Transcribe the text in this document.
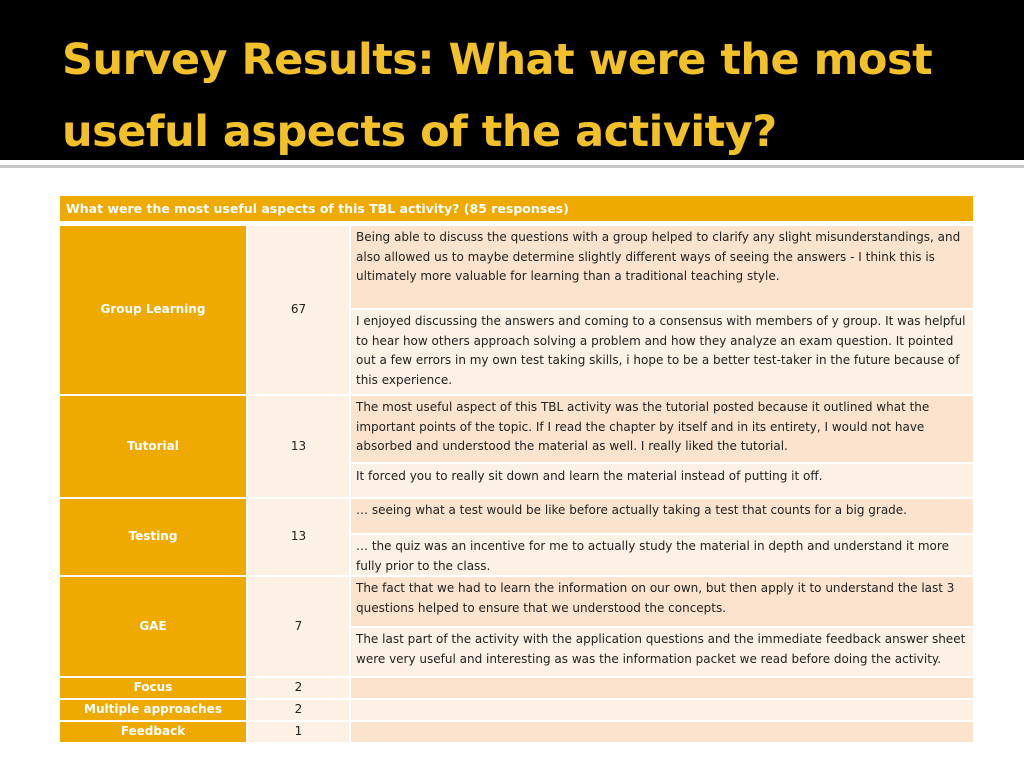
Survey Results: What were the most useful aspects of the activity?
What were the most useful aspects of this TBL activity? (85 responses)
Group Learning	67
Being able to discuss the questions with a group helped to clarify any slight misunderstandings, and also allowed us to maybe determine slightly different ways of seeing the answers - I think this is ultimately more valuable for learning than a traditional teaching style.
I enjoyed discussing the answers and coming to a consensus with members of y group. It was helpful to hear how others approach solving a problem and how they analyze an exam question. It pointed out a few errors in my own test taking skills, i hope to be a better test-taker in the future because of this experience.
Tutorial	13
The most useful aspect of this TBL activity was the tutorial posted because it outlined what the important points of the topic. If I read the chapter by itself and in its entirety, I would not have absorbed and understood the material as well. I really liked the tutorial.
It forced you to really sit down and learn the material instead of putting it off.
Testing	13
… seeing what a test would be like before actually taking a test that counts for a big grade.
… the quiz was an incentive for me to actually study the material in depth and understand it more fully prior to the class.
GAE	7
The fact that we had to learn the information on our own, but then apply it to understand the last 3 questions helped to ensure that we understood the concepts.
The last part of the activity with the application questions and the immediate feedback answer sheet were very useful and interesting as was the information packet we read before doing the activity.
Focus	2
Multiple approaches	2
Feedback	1
